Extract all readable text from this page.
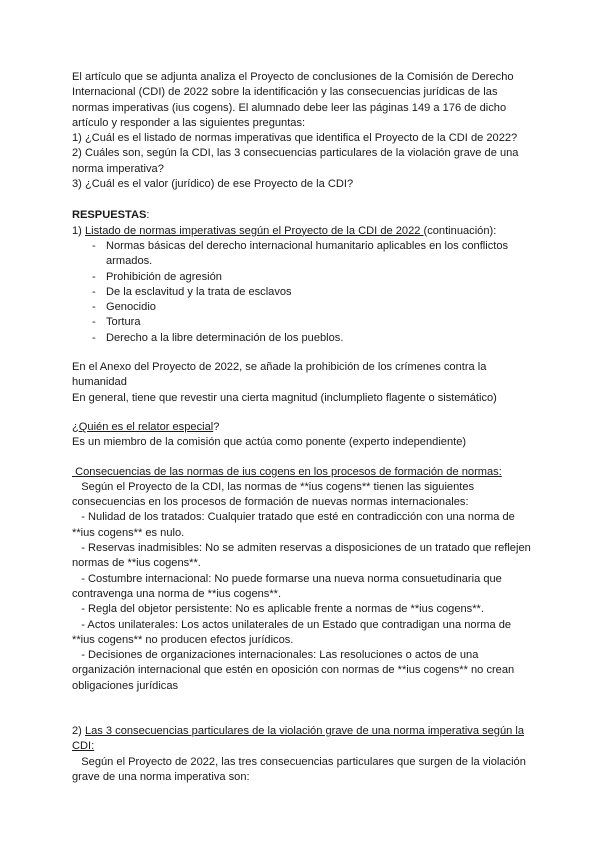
El artículo que se adjunta analiza el Proyecto de conclusiones de la Comisión de Derecho Internacional (CDI) de 2022 sobre la identificación y las consecuencias jurídicas de las normas imperativas (ius cogens). El alumnado debe leer las páginas 149 a 176 de dicho artículo y responder a las siguientes preguntas:

1) ¿Cuál es el listado de normas imperativas que identifica el Proyecto de la CDI de 2022?

2) Cuáles son, según la CDI, las 3 consecuencias particulares de la violación grave de una norma imperativa?

3) ¿Cuál es el valor (jurídico) de ese Proyecto de la CDI?

RESPUESTAS:

1) Listado de normas imperativas según el Proyecto de la CDI de 2022 (continuación):

- Normas básicas del derecho internacional humanitario aplicables en los conflictos armados.
- Prohibición de agresión
- De la esclavitud y la trata de esclavos
- Genocidio
- Tortura
- Derecho a la libre determinación de los pueblos.

En el Anexo del Proyecto de 2022, se añade la prohibición de los crímenes contra la humanidad

En general, tiene que revestir una cierta magnitud (inclumplieto flagente o sistemático)

¿Quién es el relator especial?

Es un miembro de la comisión que actúa como ponente (experto independiente)

Consecuencias de las normas de ius cogens en los procesos de formación de normas:

Según el Proyecto de la CDI, las normas de **ius cogens** tienen las siguientes consecuencias en los procesos de formación de nuevas normas internacionales:

- Nulidad de los tratados: Cualquier tratado que esté en contradicción con una norma de **ius cogens** es nulo.

- Reservas inadmisibles: No se admiten reservas a disposiciones de un tratado que reflejen normas de **ius cogens**.

- Costumbre internacional: No puede formarse una nueva norma consuetudinaria que contravenga una norma de **ius cogens**.

- Regla del objetor persistente: No es aplicable frente a normas de **ius cogens**.

- Actos unilaterales: Los actos unilaterales de un Estado que contradigan una norma de **ius cogens** no producen efectos jurídicos.

- Decisiones de organizaciones internacionales: Las resoluciones o actos de una organización internacional que estén en oposición con normas de **ius cogens** no crean obligaciones jurídicas

2) Las 3 consecuencias particulares de la violación grave de una norma imperativa según la CDI:

Según el Proyecto de 2022, las tres consecuencias particulares que surgen de la violación grave de una norma imperativa son:
